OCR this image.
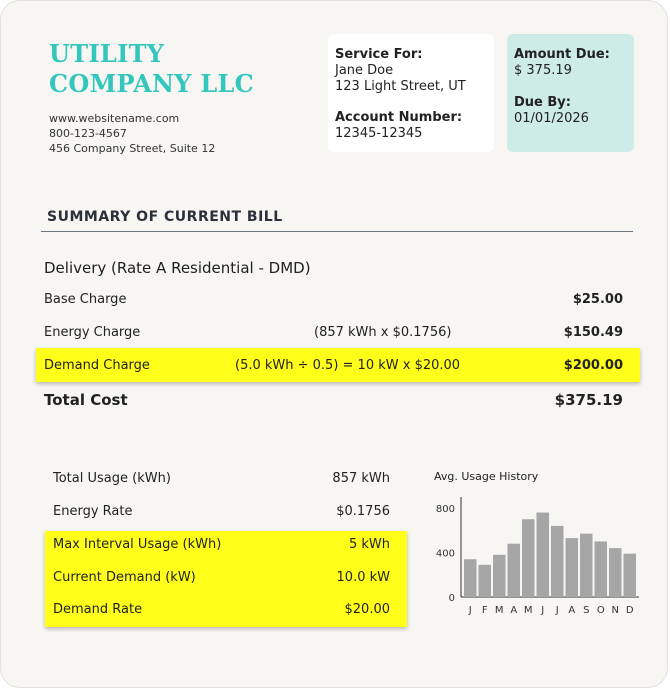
UTILITY
COMPANY LLC
www.websitename.com
800-123-4567
456 Company Street, Suite 12
Service For:
Jane Doe
123 Light Street, UT
Account Number:
12345-12345
Amount Due:
$ 375.19
Due By:
01/01/2026
SUMMARY OF CURRENT BILL
Delivery (Rate A Residential - DMD)
Base Charge	$25.00
Energy Charge	(857 kWh x $0.1756)	$150.49
Demand Charge	(5.0 kWh ÷ 0.5) = 10 kW x $20.00	$200.00
Total Cost	$375.19
Total Usage (kWh)	857 kWh
Energy Rate	$0.1756
Max Interval Usage (kWh)	5 kWh
Current Demand (kW)	10.0 kW
Demand Rate	$20.00
Avg. Usage History
0
400
800
J F M A M J J A S O N D
